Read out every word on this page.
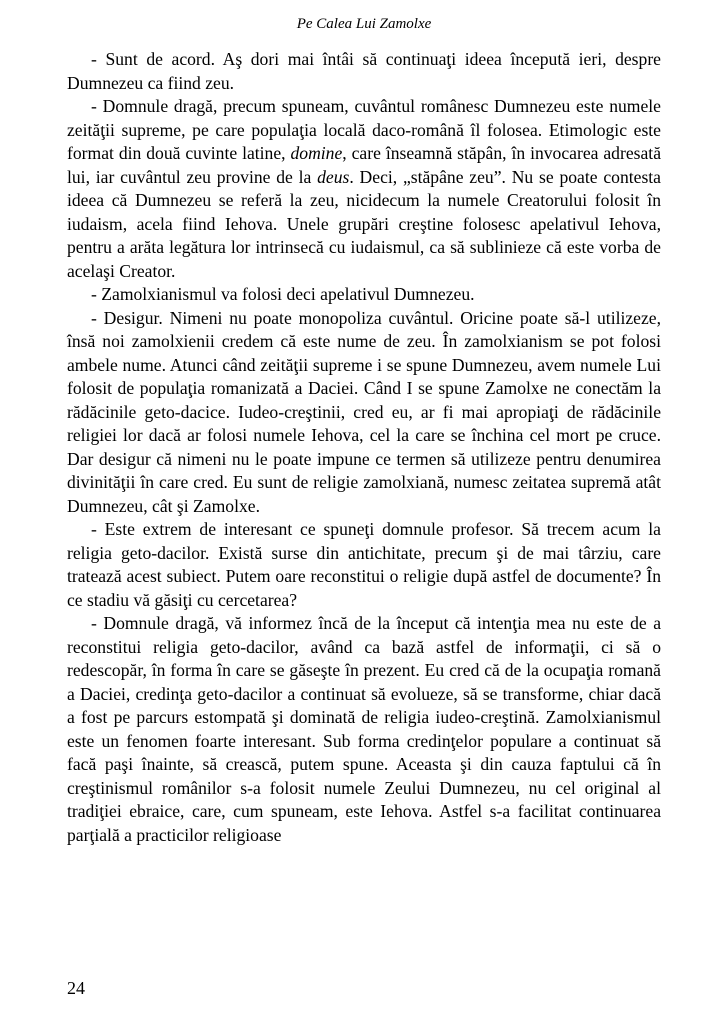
Pe Calea Lui Zamolxe

- Sunt de acord. Aş dori mai întâi să continuaţi ideea începută ieri, despre Dumnezeu ca fiind zeu.

- Domnule dragă, precum spuneam, cuvântul românesc Dumnezeu este numele zeităţii supreme, pe care populaţia locală daco-română îl folosea. Etimologic este format din două cuvinte latine, domine, care înseamnă stăpân, în invocarea adresată lui, iar cuvântul zeu provine de la deus. Deci, „stăpâne zeu”. Nu se poate contesta ideea că Dumnezeu se referă la zeu, nicidecum la numele Creatorului folosit în iudaism, acela fiind Iehova. Unele grupări creştine folosesc apelativul Iehova, pentru a arăta legătura lor intrinsecă cu iudaismul, ca să sublinieze că este vorba de acelaşi Creator.

- Zamolxianismul va folosi deci apelativul Dumnezeu.

- Desigur. Nimeni nu poate monopoliza cuvântul. Oricine poate să-l utilizeze, însă noi zamolxienii credem că este nume de zeu. În zamolxianism se pot folosi ambele nume. Atunci când zeităţii supreme i se spune Dumnezeu, avem numele Lui folosit de populaţia romanizată a Daciei. Când I se spune Zamolxe ne conectăm la rădăcinile geto-dacice. Iudeo-creştinii, cred eu, ar fi mai apropiaţi de rădăcinile religiei lor dacă ar folosi numele Iehova, cel la care se închina cel mort pe cruce. Dar desigur că nimeni nu le poate impune ce termen să utilizeze pentru denumirea divinităţii în care cred. Eu sunt de religie zamolxiană, numesc zeitatea supremă atât Dumnezeu, cât şi Zamolxe.

- Este extrem de interesant ce spuneţi domnule profesor. Să trecem acum la religia geto-dacilor. Există surse din antichitate, precum şi de mai târziu, care tratează acest subiect. Putem oare reconstitui o religie după astfel de documente? În ce stadiu vă găsiţi cu cercetarea?

- Domnule dragă, vă informez încă de la început că intenţia mea nu este de a reconstitui religia geto-dacilor, având ca bază astfel de informaţii, ci să o redescopăr, în forma în care se găseşte în prezent. Eu cred că de la ocupaţia romană a Daciei, credinţa geto-dacilor a continuat să evolueze, să se transforme, chiar dacă a fost pe parcurs estompată şi dominată de religia iudeo-creştină. Zamolxianismul este un fenomen foarte interesant. Sub forma credinţelor populare a continuat să facă paşi înainte, să crească, putem spune. Aceasta şi din cauza faptului că în creştinismul românilor s-a folosit numele Zeului Dumnezeu, nu cel original al tradiţiei ebraice, care, cum spuneam, este Iehova. Astfel s-a facilitat continuarea parţială a practicilor religioase

24
